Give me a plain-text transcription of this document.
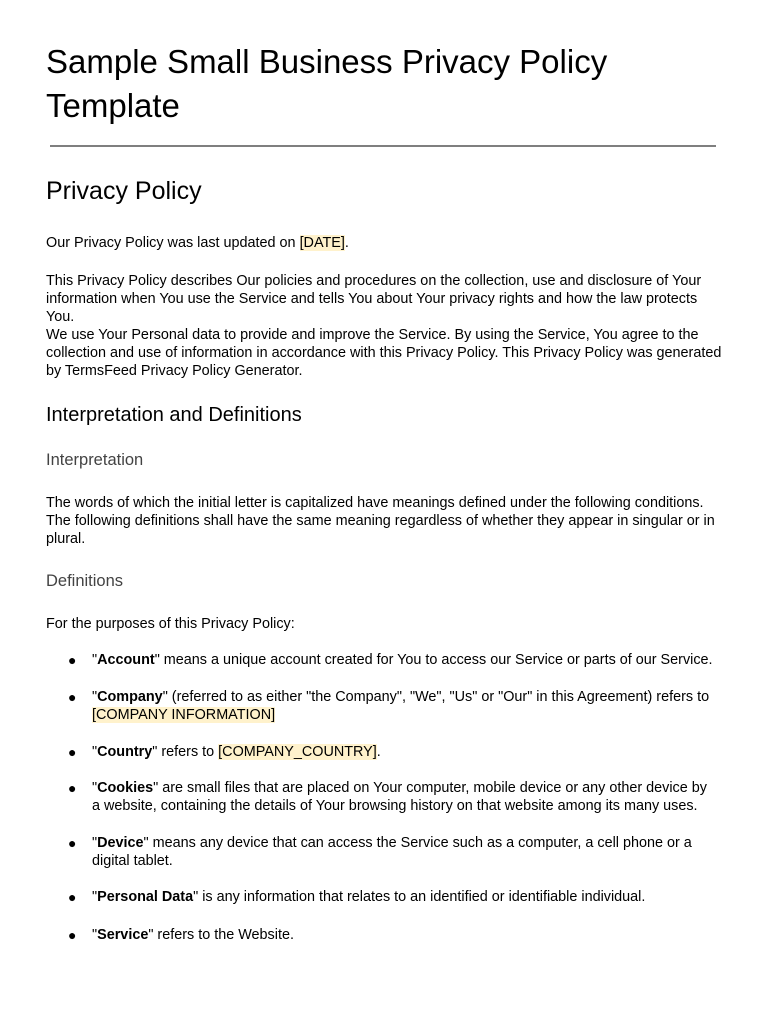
Sample Small Business Privacy Policy Template
Privacy Policy

Our Privacy Policy was last updated on [DATE].

This Privacy Policy describes Our policies and procedures on the collection, use and disclosure of Your information when You use the Service and tells You about Your privacy rights and how the law protects You.

We use Your Personal data to provide and improve the Service. By using the Service, You agree to the collection and use of information in accordance with this Privacy Policy. This Privacy Policy was generated by TermsFeed Privacy Policy Generator.

Interpretation and Definitions
Interpretation

The words of which the initial letter is capitalized have meanings defined under the following conditions. The following definitions shall have the same meaning regardless of whether they appear in singular or in plural.

Definitions

For the purposes of this Privacy Policy:

● "Account" means a unique account created for You to access our Service or parts of our Service.
● "Company" (referred to as either "the Company", "We", "Us" or "Our" in this Agreement) refers to [COMPANY INFORMATION]
● "Country" refers to [COMPANY_COUNTRY].
● "Cookies" are small files that are placed on Your computer, mobile device or any other device by a website, containing the details of Your browsing history on that website among its many uses.
● "Device" means any device that can access the Service such as a computer, a cell phone or a digital tablet.
● "Personal Data" is any information that relates to an identified or identifiable individual.
● "Service" refers to the Website.
